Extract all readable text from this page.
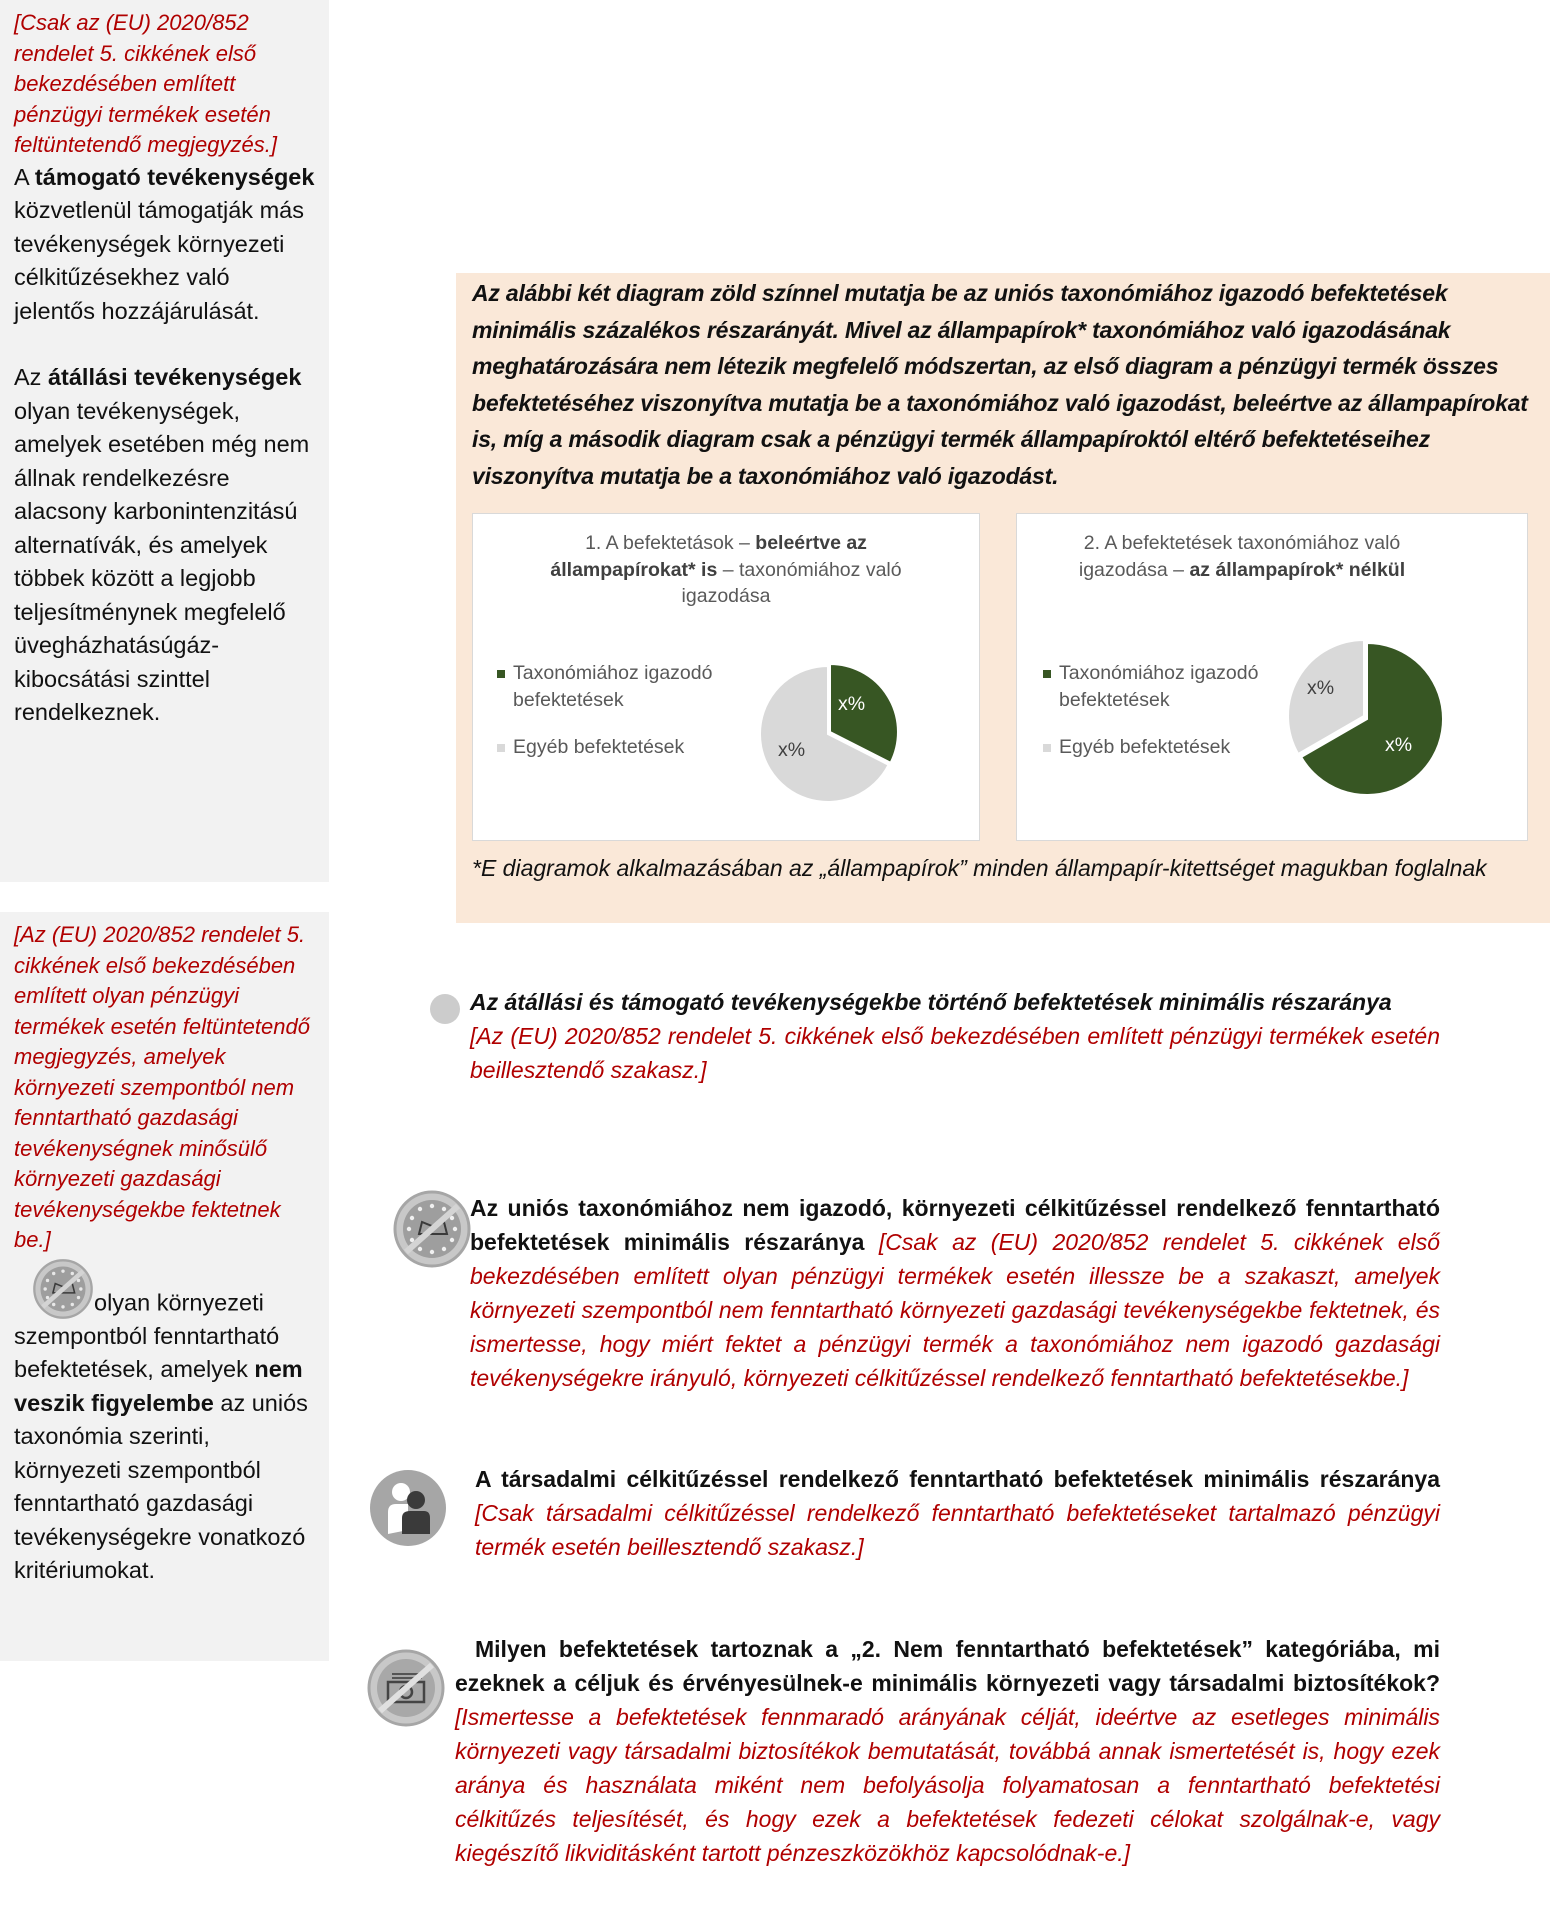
[Csak az (EU) 2020/852 rendelet 5. cikkének első bekezdésében említett pénzügyi termékek esetén feltüntetendő megjegyzés.]
A támogató tevékenységek közvetlenül támogatják más tevékenységek környezeti célkitűzésekhez való jelentős hozzájárulását.
Az átállási tevékenységek olyan tevékenységek, amelyek esetében még nem állnak rendelkezésre alacsony karbonintenzitású alternatívák, és amelyek többek között a legjobb teljesítménynek megfelelő üvegházhatásúgáz-kibocsátási szinttel rendelkeznek.
[Az (EU) 2020/852 rendelet 5. cikkének első bekezdésében említett olyan pénzügyi termékek esetén feltüntetendő megjegyzés, amelyek környezeti szempontból nem fenntartható gazdasági tevékenységnek minősülő környezeti gazdasági tevékenységekbe fektetnek be.]
olyan környezeti szempontból fenntartható befektetések, amelyek nem veszik figyelembe az uniós taxonómia szerinti, környezeti szempontból fenntartható gazdasági tevékenységekre vonatkozó kritériumokat.

Az alábbi két diagram zöld színnel mutatja be az uniós taxonómiához igazodó befektetések minimális százalékos részarányát. Mivel az állampapírok* taxonómiához való igazodásának meghatározására nem létezik megfelelő módszertan, az első diagram a pénzügyi termék összes befektetéséhez viszonyítva mutatja be a taxonómiához való igazodást, beleértve az állampapírokat is, míg a második diagram csak a pénzügyi termék állampapíroktól eltérő befektetéseihez viszonyítva mutatja be a taxonómiához való igazodást.

1. A befektetások – beleértve az állampapírokat* is – taxonómiához való igazodása
Taxonómiához igazodó befektetések
Egyéb befektetések
x%
x%
2. A befektetések taxonómiához való igazodása – az állampapírok* nélkül
Taxonómiához igazodó befektetések
Egyéb befektetések
x%
x%

*E diagramok alkalmazásában az „állampapírok” minden állampapír-kitettséget magukban foglalnak

Az átállási és támogató tevékenységekbe történő befektetések minimális részaránya
[Az (EU) 2020/852 rendelet 5. cikkének első bekezdésében említett pénzügyi termékek esetén beillesztendő szakasz.]
Az uniós taxonómiához nem igazodó, környezeti célkitűzéssel rendelkező fenntartható befektetések minimális részaránya [Csak az (EU) 2020/852 rendelet 5. cikkének első bekezdésében említett olyan pénzügyi termékek esetén illessze be a szakaszt, amelyek környezeti szempontból nem fenntartható környezeti gazdasági tevékenységekbe fektetnek, és ismertesse, hogy miért fektet a pénzügyi termék a taxonómiához nem igazodó gazdasági tevékenységekre irányuló, környezeti célkitűzéssel rendelkező fenntartható befektetésekbe.]
A társadalmi célkitűzéssel rendelkező fenntartható befektetések minimális részaránya [Csak társadalmi célkitűzéssel rendelkező fenntartható befektetéseket tartalmazó pénzügyi termék esetén beillesztendő szakasz.]
Milyen befektetések tartoznak a „2. Nem fenntartható befektetések” kategóriába, mi ezeknek a céljuk és érvényesülnek-e minimális környezeti vagy társadalmi biztosítékok? [Ismertesse a befektetések fennmaradó arányának célját, ideértve az esetleges minimális környezeti vagy társadalmi biztosítékok bemutatását, továbbá annak ismertetését is, hogy ezek aránya és használata miként nem befolyásolja folyamatosan a fenntartható befektetési célkitűzés teljesítését, és hogy ezek a befektetések fedezeti célokat szolgálnak-e, vagy kiegészítő likviditásként tartott pénzeszközökhöz kapcsolódnak-e.]
